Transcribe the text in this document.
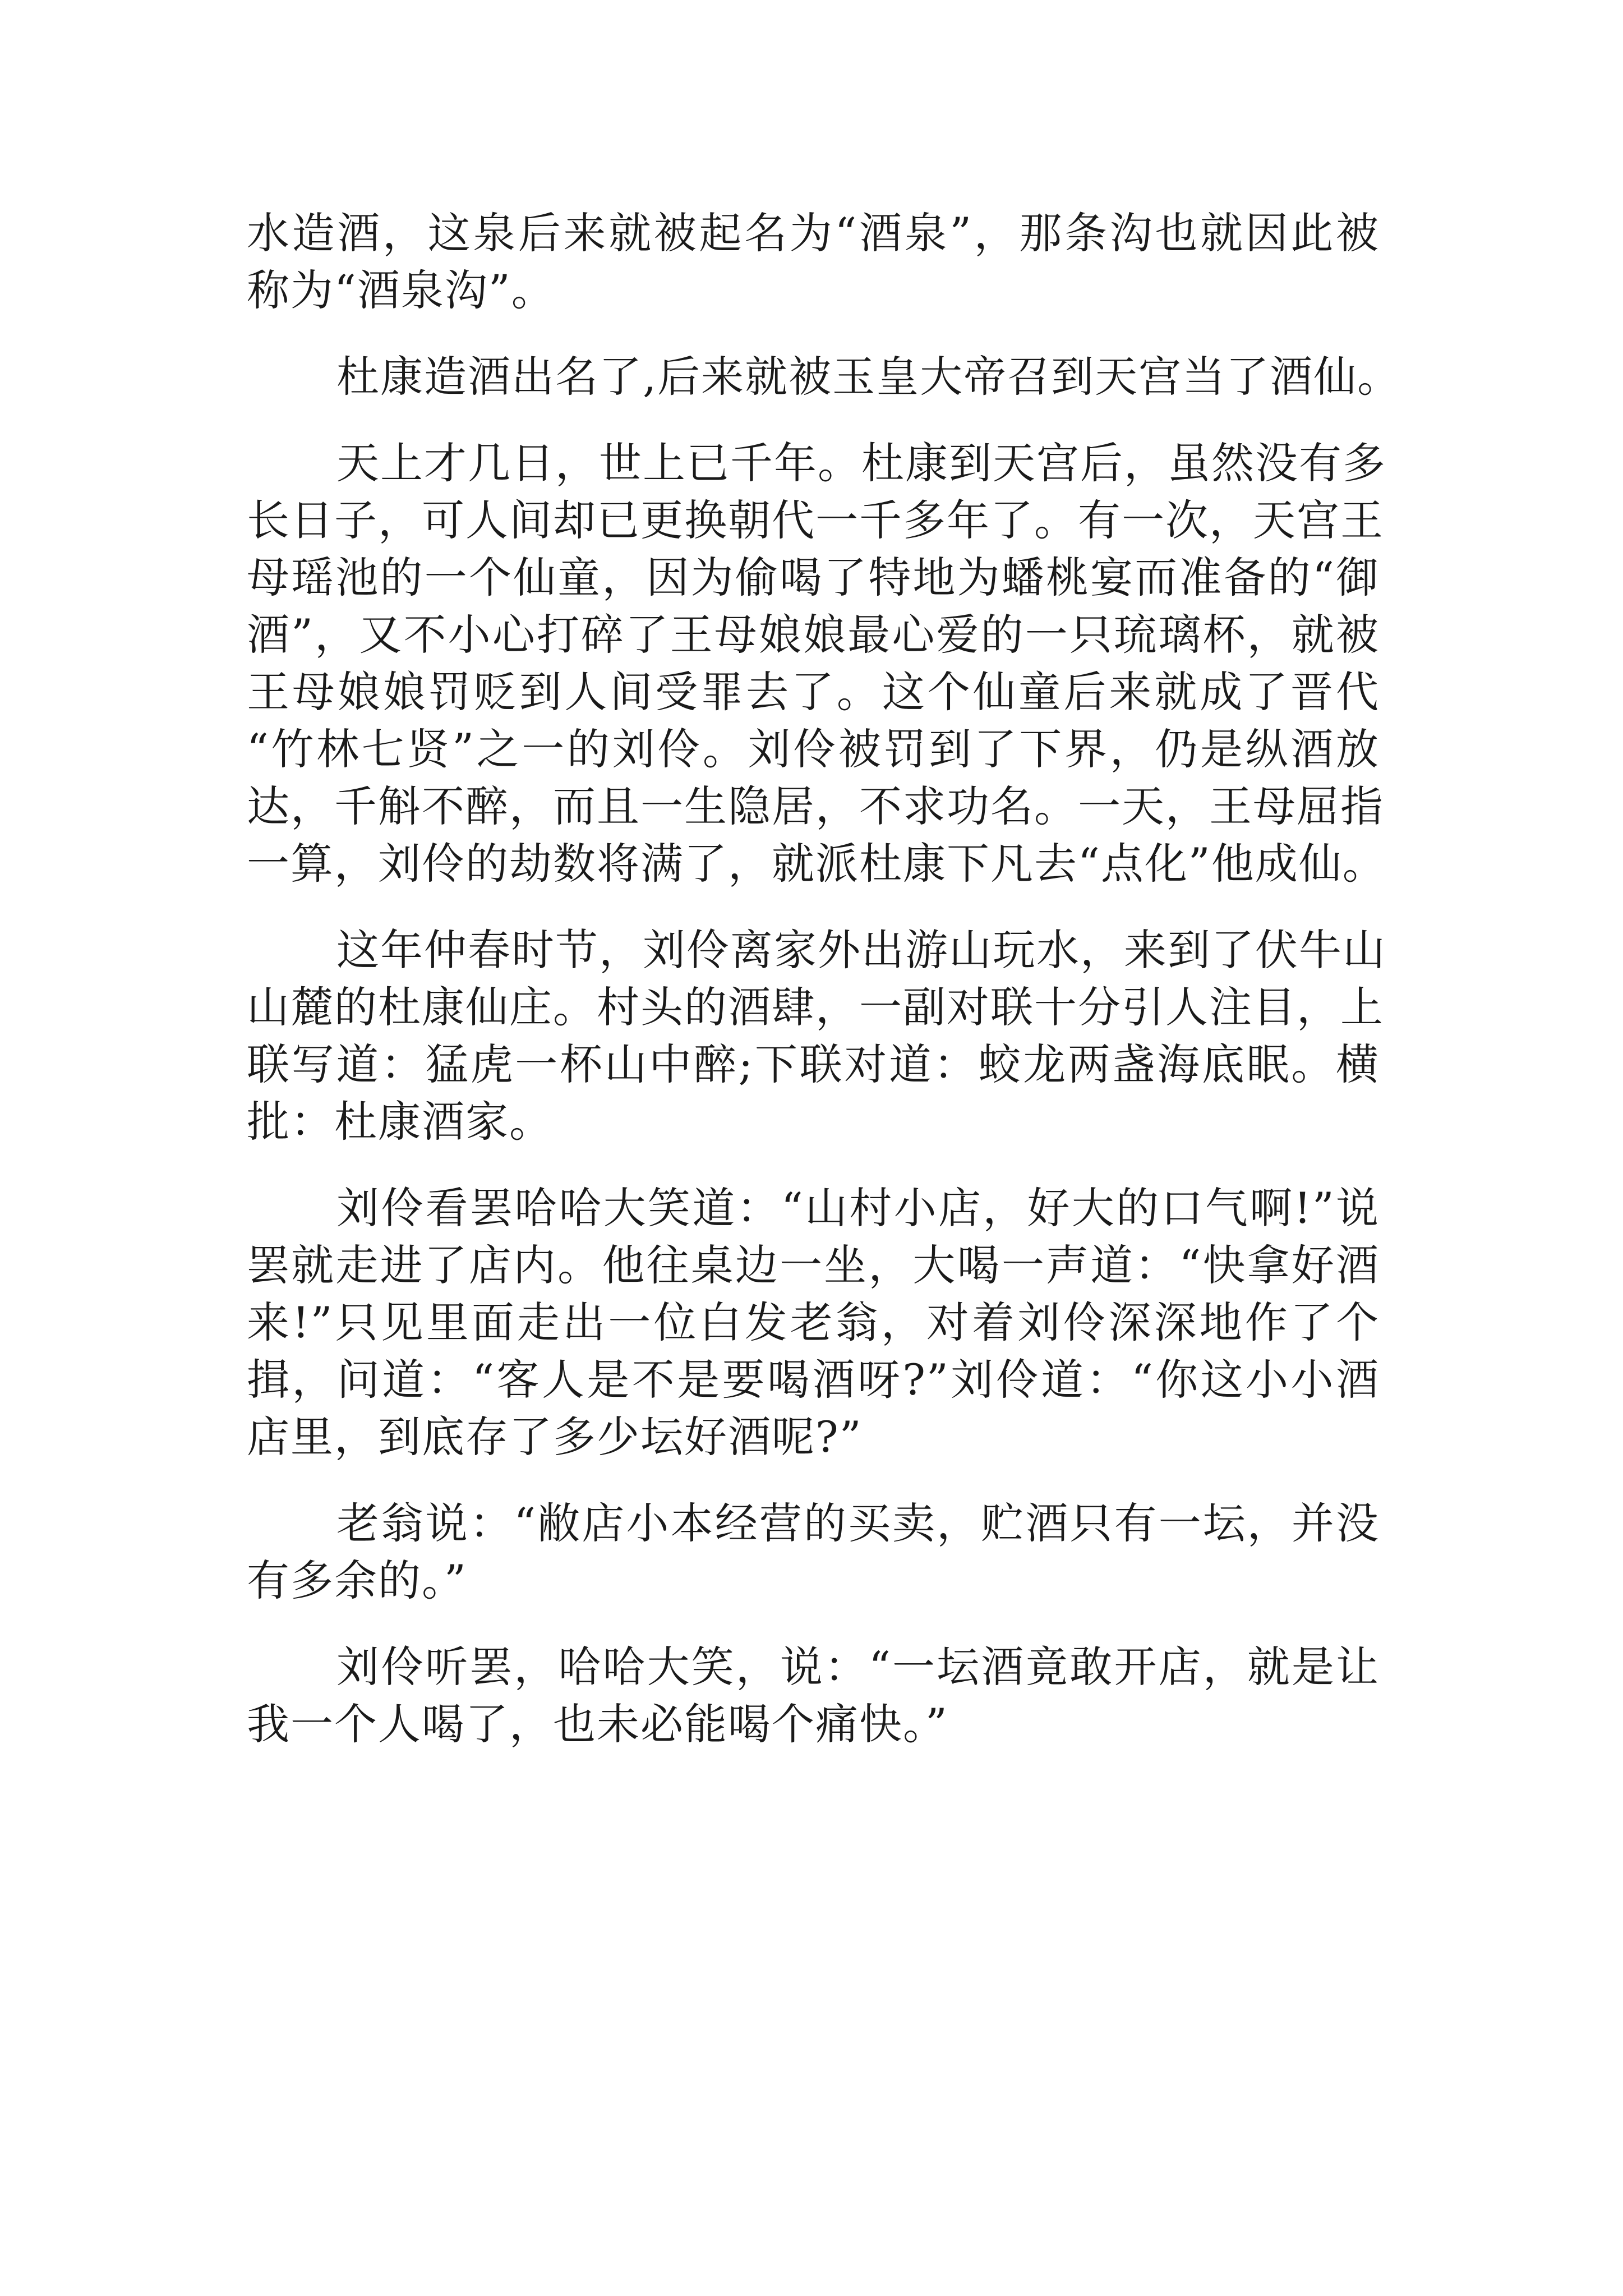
水造酒，这泉后来就被起名为“酒泉”，那条沟也就因此被

称为“酒泉沟”。

杜康造酒出名了,后来就被玉皇大帝召到天宫当了酒仙。

天上才几日，世上已千年。杜康到天宫后，虽然没有多

长日子，可人间却已更换朝代一千多年了。有一次，天宫王

母瑶池的一个仙童，因为偷喝了特地为蟠桃宴而准备的“御

酒”，又不小心打碎了王母娘娘最心爱的一只琉璃杯，就被

王母娘娘罚贬到人间受罪去了。这个仙童后来就成了晋代

“竹林七贤”之一的刘伶。刘伶被罚到了下界，仍是纵酒放

达，千斛不醉，而且一生隐居，不求功名。一天，王母屈指

一算，刘伶的劫数将满了，就派杜康下凡去“点化”他成仙。

这年仲春时节，刘伶离家外出游山玩水，来到了伏牛山

山麓的杜康仙庄。村头的酒肆，一副对联十分引人注目，上

联写道：猛虎一杯山中醉;下联对道：蛟龙两盏海底眠。横

批：杜康酒家。

刘伶看罢哈哈大笑道：“山村小店，好大的口气啊!”说

罢就走进了店内。他往桌边一坐，大喝一声道：“快拿好酒

来!”只见里面走出一位白发老翁，对着刘伶深深地作了个

揖，问道：“客人是不是要喝酒呀?”刘伶道：“你这小小酒

店里，到底存了多少坛好酒呢?”

老翁说：“敝店小本经营的买卖，贮酒只有一坛，并没

有多余的。”

刘伶听罢，哈哈大笑，说：“一坛酒竟敢开店，就是让

我一个人喝了，也未必能喝个痛快。”
